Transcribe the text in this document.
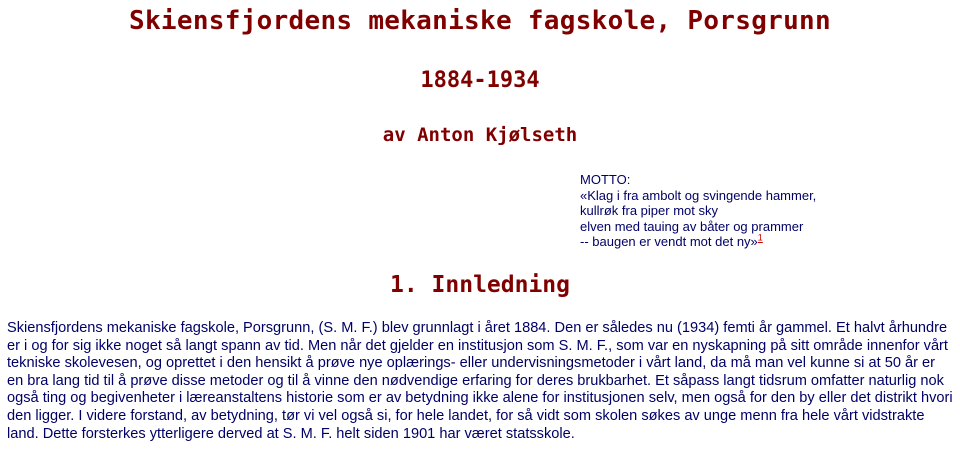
Skiensfjordens mekaniske fagskole, Porsgrunn
1884-1934
av Anton Kjølseth
MOTTO:
«Klag i fra ambolt og svingende hammer,
kullrøk fra piper mot sky
elven med tauing av båter og prammer
-- baugen er vendt mot det ny»$^1$
1. Innledning

Skiensfjordens mekaniske fagskole, Porsgrunn, (S. M. F.) blev grunnlagt i året 1884. Den er således nu (1934) femti år gammel. Et halvt århundre er i og for sig ikke noget så langt spann av tid. Men når det gjelder en institusjon som S. M. F., som var en nyskapning på sitt område innenfor vårt tekniske skolevesen, og oprettet i den hensikt å prøve nye oplærings- eller undervisningsmetoder i vårt land, da må man vel kunne si at 50 år er en bra lang tid til å prøve disse metoder og til å vinne den nødvendige erfaring for deres brukbarhet. Et såpass langt tidsrum omfatter naturlig nok også ting og begivenheter i læreanstaltens historie som er av betydning ikke alene for institusjonen selv, men også for den by eller det distrikt hvori den ligger. I videre forstand, av betydning, tør vi vel også si, for hele landet, for så vidt som skolen søkes av unge menn fra hele vårt vidstrakte land. Dette forsterkes ytterligere derved at S. M. F. helt siden 1901 har været statsskole.
